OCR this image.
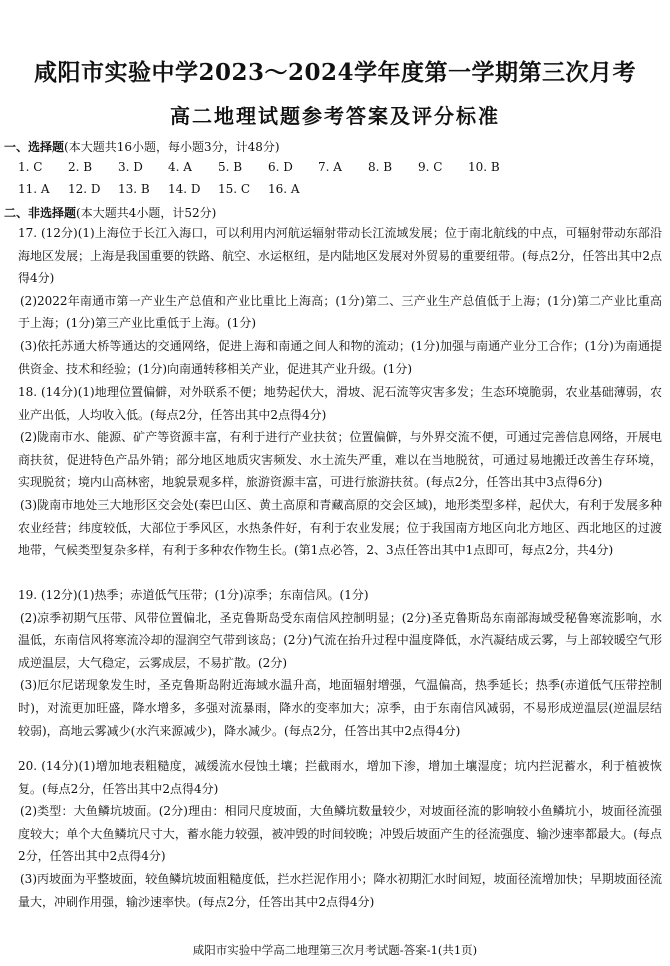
咸阳市实验中学2023～2024学年度第一学期第三次月考
高二地理试题参考答案及评分标准
一、选择题(本大题共16小题，每小题3分，计48分)
1. C 2. B 3. D 4. A 5. B 6. D 7. A 8. B 9. C 10. B
11. A 12. D 13. B 14. D 15. C 16. A
二、非选择题(本大题共4小题，计52分)

17. (12分)(1)上海位于长江入海口，可以利用内河航运辐射带动长江流域发展；位于南北航线的中点，可辐射带动东部沿海地区发展；上海是我国重要的铁路、航空、水运枢纽，是内陆地区发展对外贸易的重要纽带。(每点2分，任答出其中2点得4分)

(2)2022年南通市第一产业生产总值和产业比重比上海高；(1分)第二、三产业生产总值低于上海；(1分)第二产业比重高于上海；(1分)第三产业比重低于上海。(1分)

(3)依托苏通大桥等通达的交通网络，促进上海和南通之间人和物的流动；(1分)加强与南通产业分工合作；(1分)为南通提供资金、技术和经验；(1分)向南通转移相关产业，促进其产业升级。(1分)

18. (14分)(1)地理位置偏僻，对外联系不便；地势起伏大，滑坡、泥石流等灾害多发；生态环境脆弱，农业基础薄弱，农业产出低，人均收入低。(每点2分，任答出其中2点得4分)

(2)陇南市水、能源、矿产等资源丰富，有利于进行产业扶贫；位置偏僻，与外界交流不便，可通过完善信息网络，开展电商扶贫，促进特色产品外销；部分地区地质灾害频发、水土流失严重，难以在当地脱贫，可通过易地搬迁改善生存环境，实现脱贫；境内山高林密，地貌景观多样，旅游资源丰富，可进行旅游扶贫。(每点2分，任答出其中3点得6分)

(3)陇南市地处三大地形区交会处(秦巴山区、黄土高原和青藏高原的交会区域)，地形类型多样，起伏大，有利于发展多种农业经营；纬度较低，大部位于季风区，水热条件好，有利于农业发展；位于我国南方地区向北方地区、西北地区的过渡地带，气候类型复杂多样，有利于多种农作物生长。(第1点必答，2、3点任答出其中1点即可，每点2分，共4分)

19. (12分)(1)热季；赤道低气压带；(1分)凉季；东南信风。(1分)

(2)凉季初期气压带、风带位置偏北，圣克鲁斯岛受东南信风控制明显；(2分)圣克鲁斯岛东南部海域受秘鲁寒流影响，水温低，东南信风将寒流冷却的湿润空气带到该岛；(2分)气流在抬升过程中温度降低，水汽凝结成云雾，与上部较暖空气形成逆温层，大气稳定，云雾成层，不易扩散。(2分)

(3)厄尔尼诺现象发生时，圣克鲁斯岛附近海域水温升高，地面辐射增强，气温偏高，热季延长；热季(赤道低气压带控制时)，对流更加旺盛，降水增多，多强对流暴雨，降水的变率加大；凉季，由于东南信风减弱，不易形成逆温层(逆温层结较弱)，高地云雾减少(水汽来源减少)，降水减少。(每点2分，任答出其中2点得4分)

20. (14分)(1)增加地表粗糙度，减缓流水侵蚀土壤；拦截雨水，增加下渗，增加土壤湿度；坑内拦泥蓄水，利于植被恢复。(每点2分，任答出其中2点得4分)

(2)类型：大鱼鳞坑坡面。(2分)理由：相同尺度坡面，大鱼鳞坑数量较少，对坡面径流的影响较小鱼鳞坑小，坡面径流强度较大；单个大鱼鳞坑尺寸大，蓄水能力较强，被冲毁的时间较晚；冲毁后坡面产生的径流强度、输沙速率都最大。(每点2分，任答出其中2点得4分)

(3)丙坡面为平整坡面，较鱼鳞坑坡面粗糙度低，拦水拦泥作用小；降水初期汇水时间短，坡面径流增加快；早期坡面径流量大，冲刷作用强，输沙速率快。(每点2分，任答出其中2点得4分)

咸阳市实验中学高二地理第三次月考试题-答案-1(共1页)
